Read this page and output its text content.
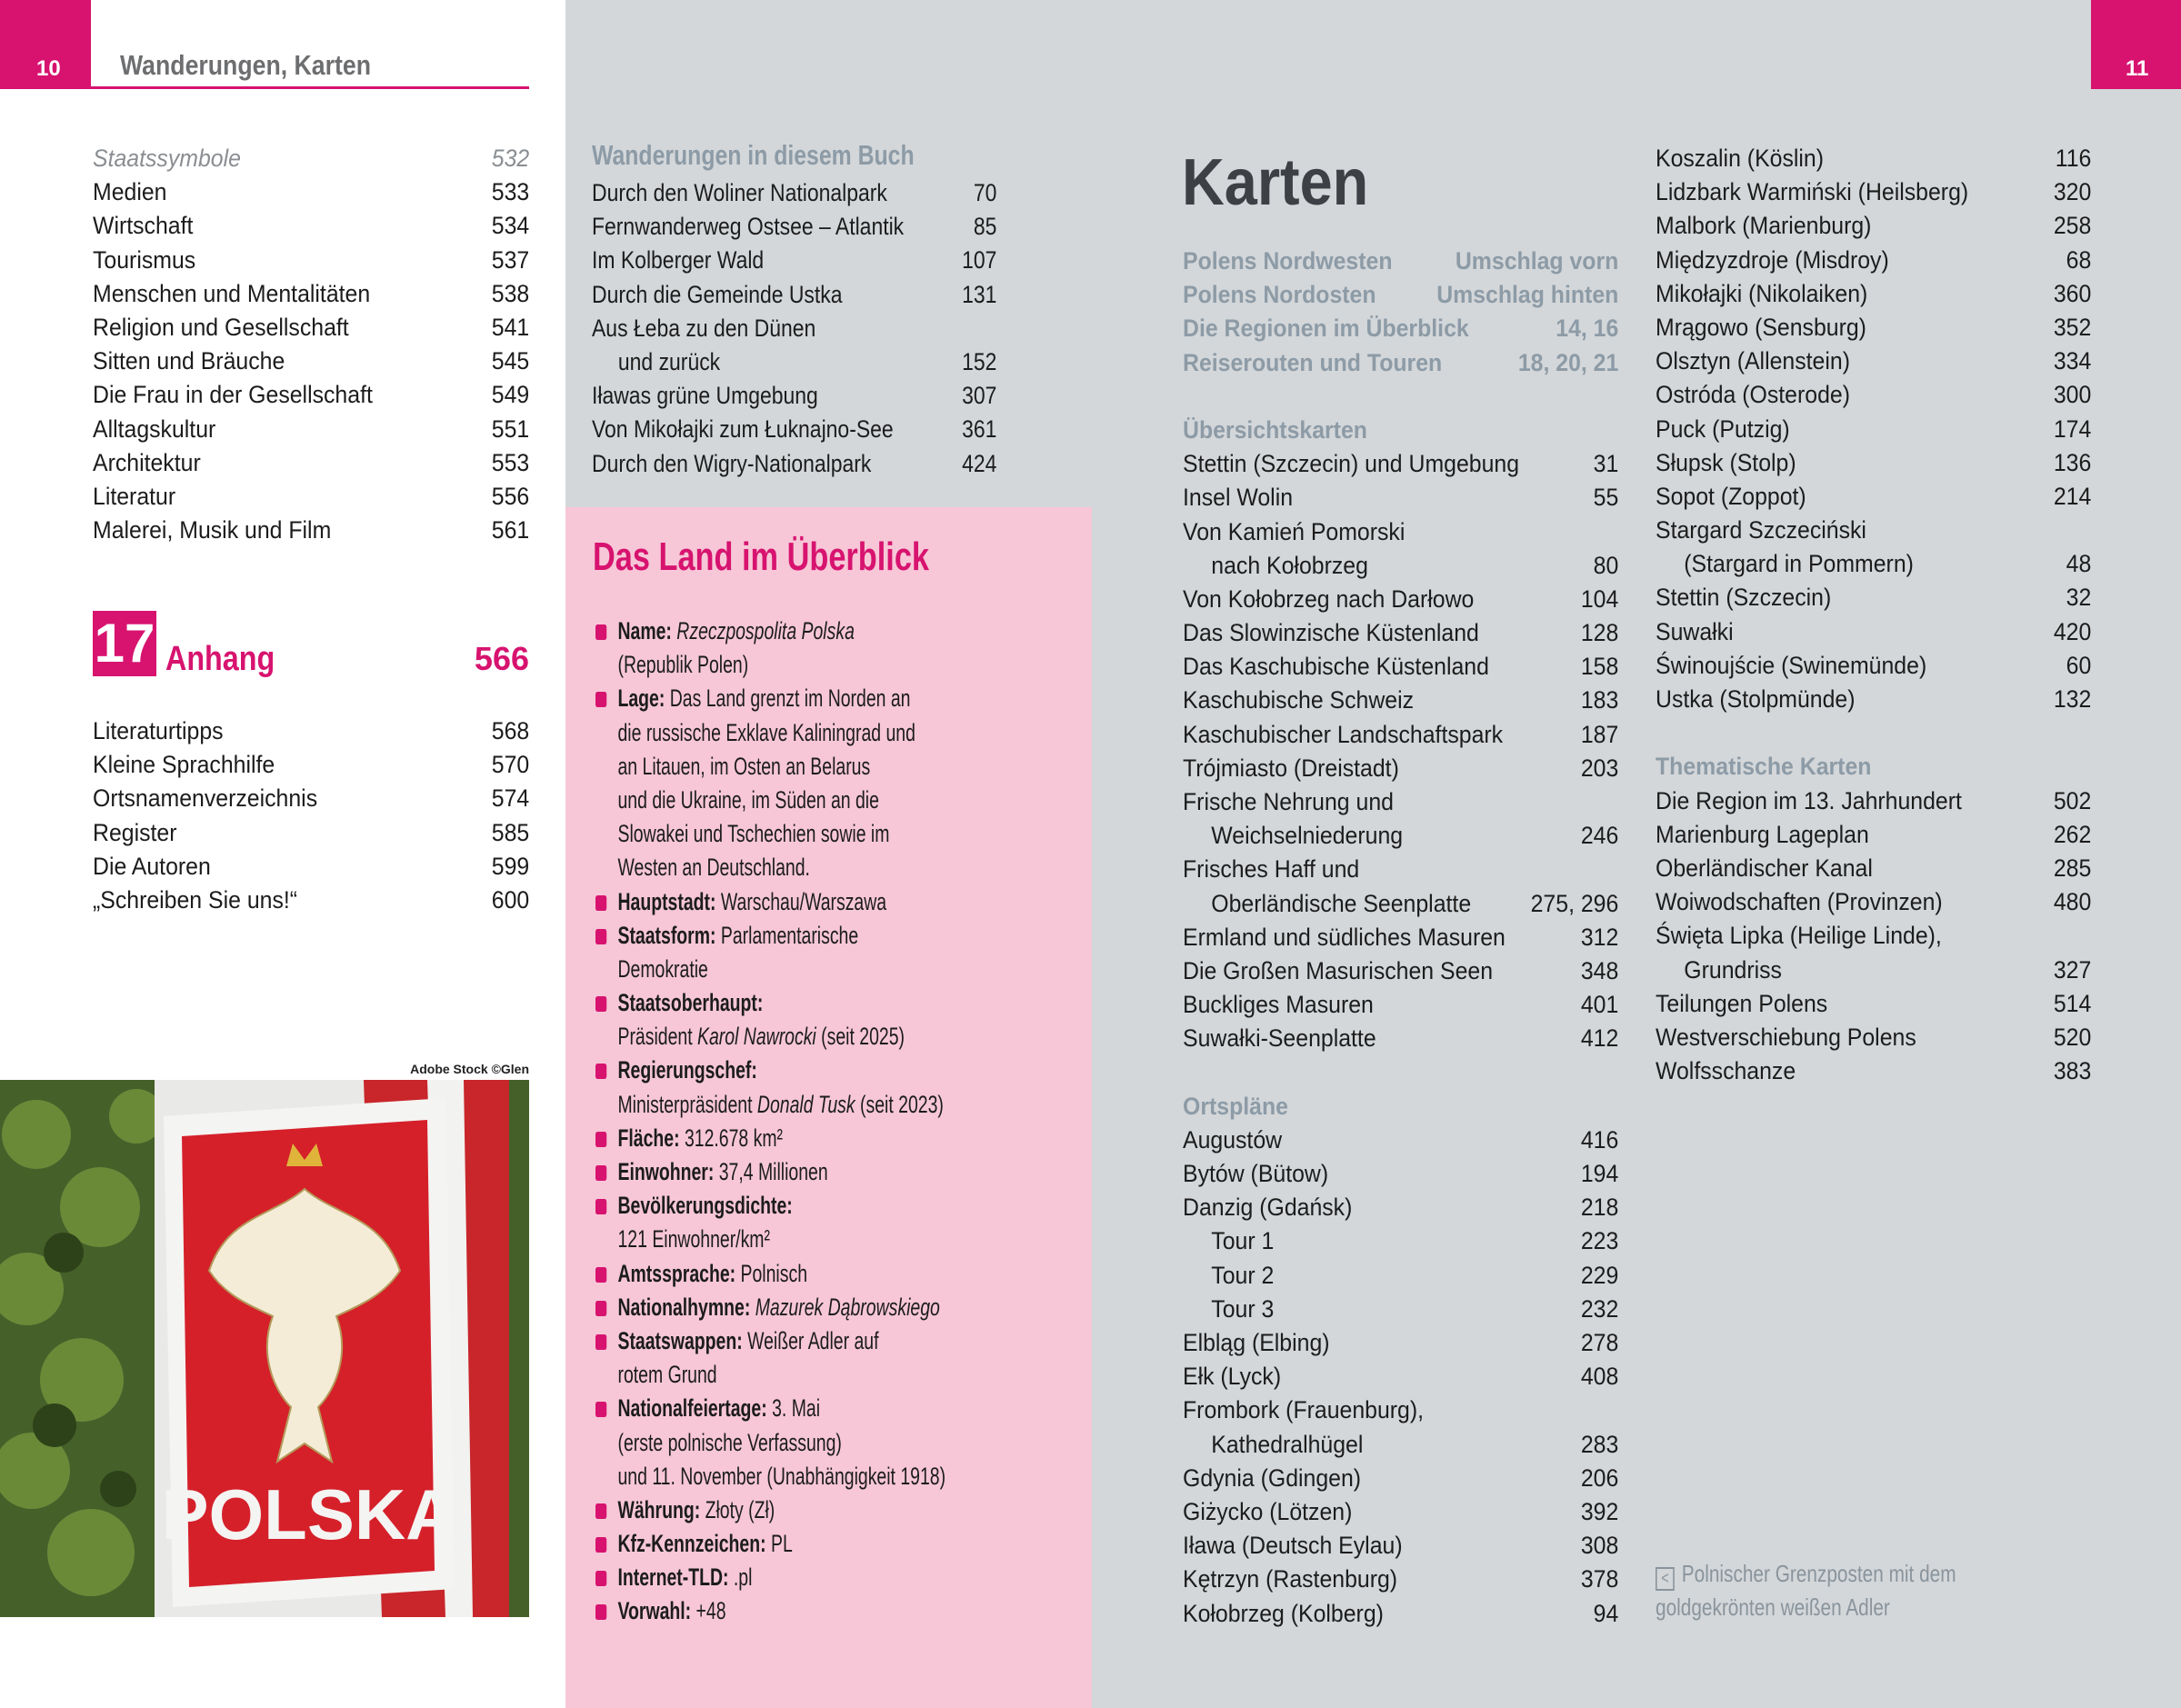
10	11
Wanderungen, Karten
Staatssymbole	532
Medien	533
Wirtschaft	534
Tourismus	537
Menschen und Mentalitäten	538
Religion und Gesellschaft	541
Sitten und Bräuche	545
Die Frau in der Gesellschaft	549
Alltagskultur	551
Architektur	553
Literatur	556
Malerei, Musik und Film	561
17 Anhang	566
Literaturtipps	568
Kleine Sprachhilfe	570
Ortsnamenverzeichnis	574
Register	585
Die Autoren	599
„Schreiben Sie uns!“	600
Adobe Stock ©Glen
POLSKA
Wanderungen in diesem Buch
Durch den Woliner Nationalpark	70
Fernwanderweg Ostsee – Atlantik	85
Im Kolberger Wald	107
Durch die Gemeinde Ustka	131
Aus Łeba zu den Dünen
und zurück	152
Iławas grüne Umgebung	307
Von Mikołajki zum Łuknajno-See	361
Durch den Wigry-Nationalpark	424
Das Land im Überblick
Name: Rzeczpospolita Polska
(Republik Polen)
Lage: Das Land grenzt im Norden an
die russische Exklave Kaliningrad und
an Litauen, im Osten an Belarus
und die Ukraine, im Süden an die
Slowakei und Tschechien sowie im
Westen an Deutschland.
Hauptstadt: Warschau/Warszawa
Staatsform: Parlamentarische
Demokratie
Staatsoberhaupt:
Präsident Karol Nawrocki (seit 2025)
Regierungschef:
Ministerpräsident Donald Tusk (seit 2023)
Fläche: 312.678 km²
Einwohner: 37,4 Millionen
Bevölkerungsdichte:
121 Einwohner/km²
Amtssprache: Polnisch
Nationalhymne: Mazurek Dąbrowskiego
Staatswappen: Weißer Adler auf
rotem Grund
Nationalfeiertage: 3. Mai
(erste polnische Verfassung)
und 11. November (Unabhängigkeit 1918)
Währung: Złoty (Zł)
Kfz-Kennzeichen: PL
Internet-TLD: .pl
Vorwahl: +48
Karten
Polens Nordwesten	Umschlag vorn
Polens Nordosten Umschlag hinten
Die Regionen im Überblick	14, 16
Reiserouten und Touren	18, 20, 21
Übersichtskarten
Stettin (Szczecin) und Umgebung	31
Insel Wolin	55
Von Kamień Pomorski
nach Kołobrzeg	80
Von Kołobrzeg nach Darłowo	104
Das Slowinzische Küstenland	128
Das Kaschubische Küstenland	158
Kaschubische Schweiz	183
Kaschubischer Landschaftspark	187
Trójmiasto (Dreistadt)	203
Frische Nehrung und
Weichselniederung	246
Frisches Haff und
Oberländische Seenplatte 275, 296
Ermland und südliches Masuren	312
Die Großen Masurischen Seen	348
Buckliges Masuren	401
Suwałki-Seenplatte	412
Ortspläne
Augustów	416
Bytów (Bütow)	194
Danzig (Gdańsk)	218
Tour 1	223
Tour 2	229
Tour 3	232
Elbląg (Elbing)	278
Ełk (Lyck)	408
Frombork (Frauenburg),
Kathedralhügel	283
Gdynia (Gdingen)	206
Giżycko (Lötzen)	392
Iława (Deutsch Eylau)	308
Kętrzyn (Rastenburg)	378
Kołobrzeg (Kolberg)	94
Koszalin (Köslin)	116
Lidzbark Warmiński (Heilsberg)	320
Malbork (Marienburg)	258
Międzyzdroje (Misdroy)	68
Mikołajki (Nikolaiken)	360
Mrągowo (Sensburg)	352
Olsztyn (Allenstein)	334
Ostróda (Osterode)	300
Puck (Putzig)	174
Słupsk (Stolp)	136
Sopot (Zoppot)	214
Stargard Szczeciński
(Stargard in Pommern)	48
Stettin (Szczecin)	32
Suwałki	420
Świnoujście (Swinemünde)	60
Ustka (Stolpmünde)	132
Thematische Karten
Die Region im 13. Jahrhundert	502
Marienburg Lageplan	262
Oberländischer Kanal	285
Woiwodschaften (Provinzen)	480
Święta Lipka (Heilige Linde),
Grundriss	327
Teilungen Polens	514
Westverschiebung Polens	520
Wolfsschanze	383
< Polnischer Grenzposten mit dem
goldgekrönten weißen Adler
